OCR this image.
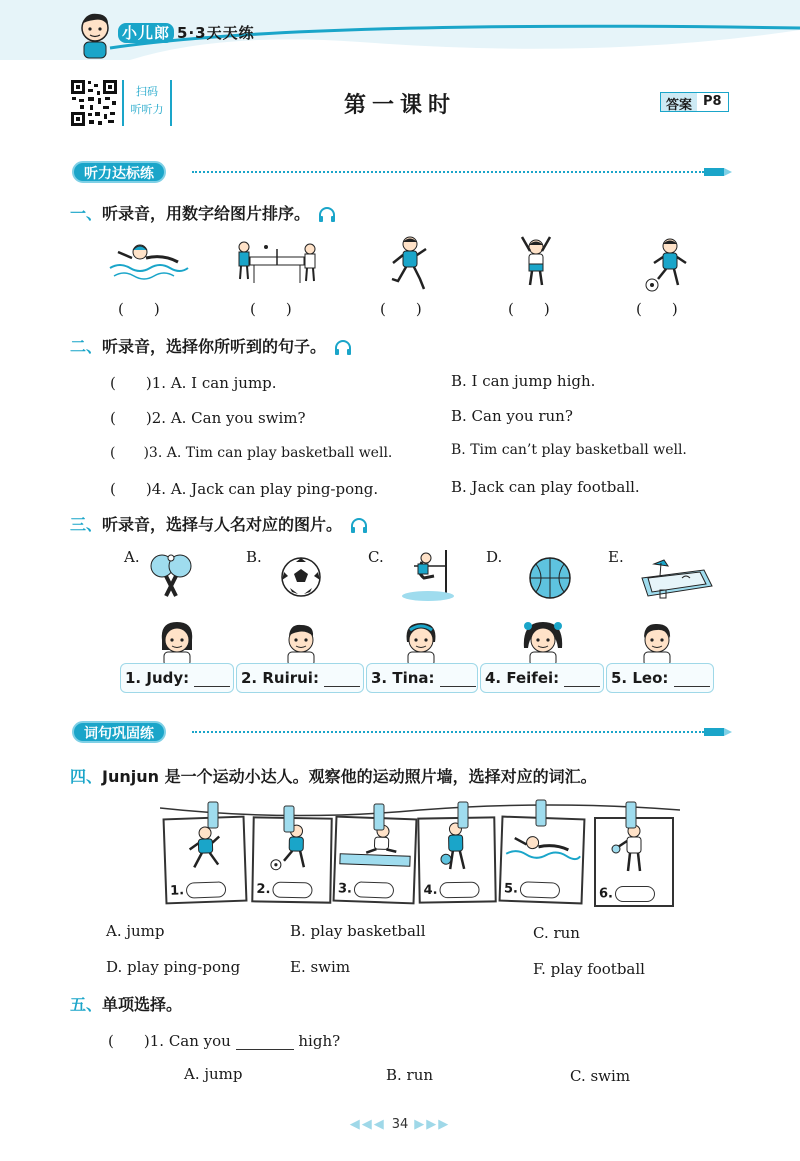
小儿郎 5·3天天练
扫码
听听力	第一课时	答案 P8
听力达标练
一、听录音，用数字给图片排序。
(　　)	(　　)	(　　)	(　　)	(　　)
二、听录音，选择你所听到的句子。
(　　)1. A. I can jump.	B. I can jump high.
(　　)2. A. Can you swim?	B. Can you run?
(　　)3. A. Tim can play basketball well.	B. Tim can’t play basketball well.
(　　)4. A. Jack can play ping-pong.	B. Jack can play football.
三、听录音，选择与人名对应的图片。
A.	B.	C.	D.	E.
1. Judy:	2. Ruirui:	3. Tina:	4. Feifei:	5. Leo:
词句巩固练
四、Junjun 是一个运动小达人。观察他的运动照片墙，选择对应的词汇。
1.	2.	3.	4.	5.	6.
A. jump	B. play basketball	C. run
D. play ping-pong	E. swim	F. play football
五、单项选择。
(　　)1. Can you	high?
A. jump	B. run	C. swim
◀◀◀ 34 ▶▶▶
